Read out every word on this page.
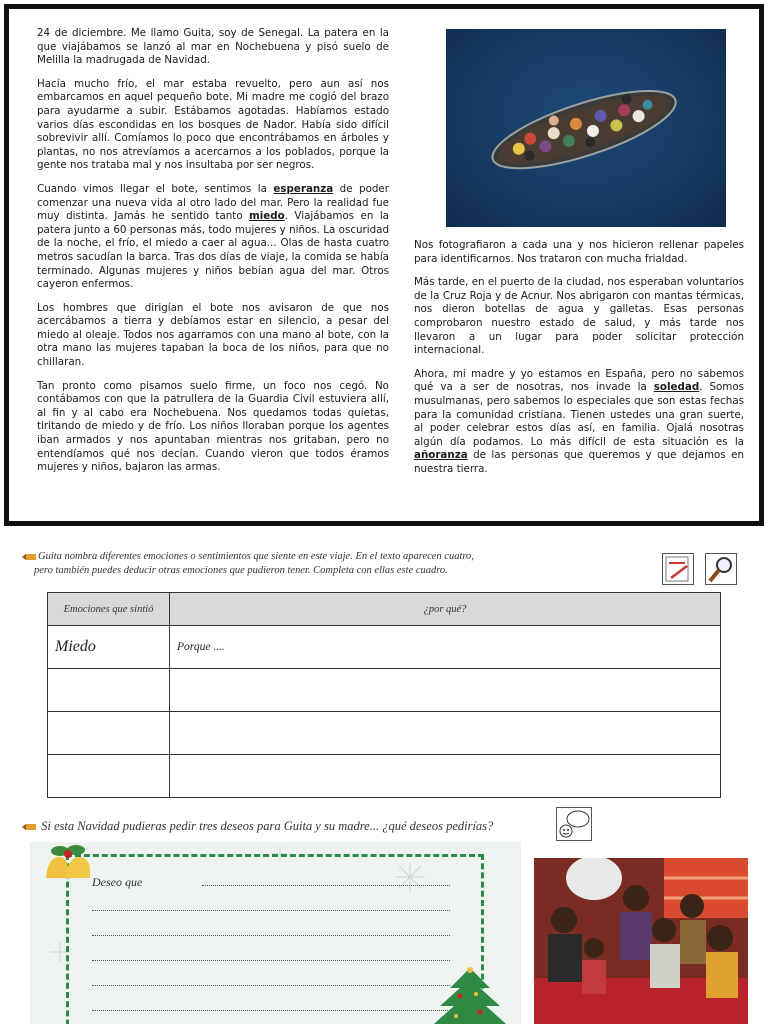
24 de diciembre. Me llamo Guita, soy de Senegal. La patera en la que viajábamos se lanzó al mar en Nochebuena y pisó suelo de Melilla la madrugada de Navidad.

Hacía mucho frío, el mar estaba revuelto, pero aun así nos embarcamos en aquel pequeño bote. Mi madre me cogió del brazo para ayudarme a subir. Estábamos agotadas. Habíamos estado varios días escondidas en los bosques de Nador. Había sido difícil sobrevivir allí. Comíamos lo poco que encontrábamos en árboles y plantas, no nos atrevíamos a acercarnos a los poblados, porque la gente nos trataba mal y nos insultaba por ser negros.

Cuando vimos llegar el bote, sentimos la esperanza de poder comenzar una nueva vida al otro lado del mar. Pero la realidad fue muy distinta. Jamás he sentido tanto miedo. Viajábamos en la patera junto a 60 personas más, todo mujeres y niños. La oscuridad de la noche, el frío, el miedo a caer al agua... Olas de hasta cuatro metros sacudían la barca. Tras dos días de viaje, la comida se había terminado. Algunas mujeres y niños bebían agua del mar. Otros cayeron enfermos.

Los hombres que dirigían el bote nos avisaron de que nos acercábamos a tierra y debíamos estar en silencio, a pesar del miedo al oleaje. Todos nos agarramos con una mano al bote, con la otra mano las mujeres tapaban la boca de los niños, para que no chillaran.

Tan pronto como pisamos suelo firme, un foco nos cegó. No contábamos con que la patrullera de la Guardia Civil estuviera allí, al fin y al cabo era Nochebuena. Nos quedamos todas quietas, tiritando de miedo y de frío. Los niños lloraban porque los agentes iban armados y nos apuntaban mientras nos gritaban, pero no entendíamos qué nos decían. Cuando vieron que todos éramos mujeres y niños, bajaron las armas.

Nos fotografiaron a cada una y nos hicieron rellenar papeles para identificarnos. Nos trataron con mucha frialdad.

Más tarde, en el puerto de la ciudad, nos esperaban voluntarios de la Cruz Roja y de Acnur. Nos abrigaron con mantas térmicas, nos dieron botellas de agua y galletas. Esas personas comprobaron nuestro estado de salud, y más tarde nos llevaron a un lugar para poder solicitar protección internacional.

Ahora, mi madre y yo estamos en España, pero no sabemos qué va a ser de nosotras, nos invade la soledad. Somos musulmanas, pero sabemos lo especiales que son estas fechas para la comunidad cristiana. Tienen ustedes una gran suerte, al poder celebrar estos días así, en familia. Ojalá nosotras algún día podamos. Lo más difícil de esta situación es la añoranza de las personas que queremos y que dejamos en nuestra tierra.

Guita nombra diferentes emociones o sentimientos que siente en este viaje. En el texto aparecen cuatro,
pero también puedes deducir otras emociones que pudieron tener. Completa con ellas este cuadro.
Emociones que sintió	¿por qué?
Miedo	Porque ....

Si esta Navidad pudieras pedir tres deseos para Guita y su madre... ¿qué deseos pedirías?
Deseo que
